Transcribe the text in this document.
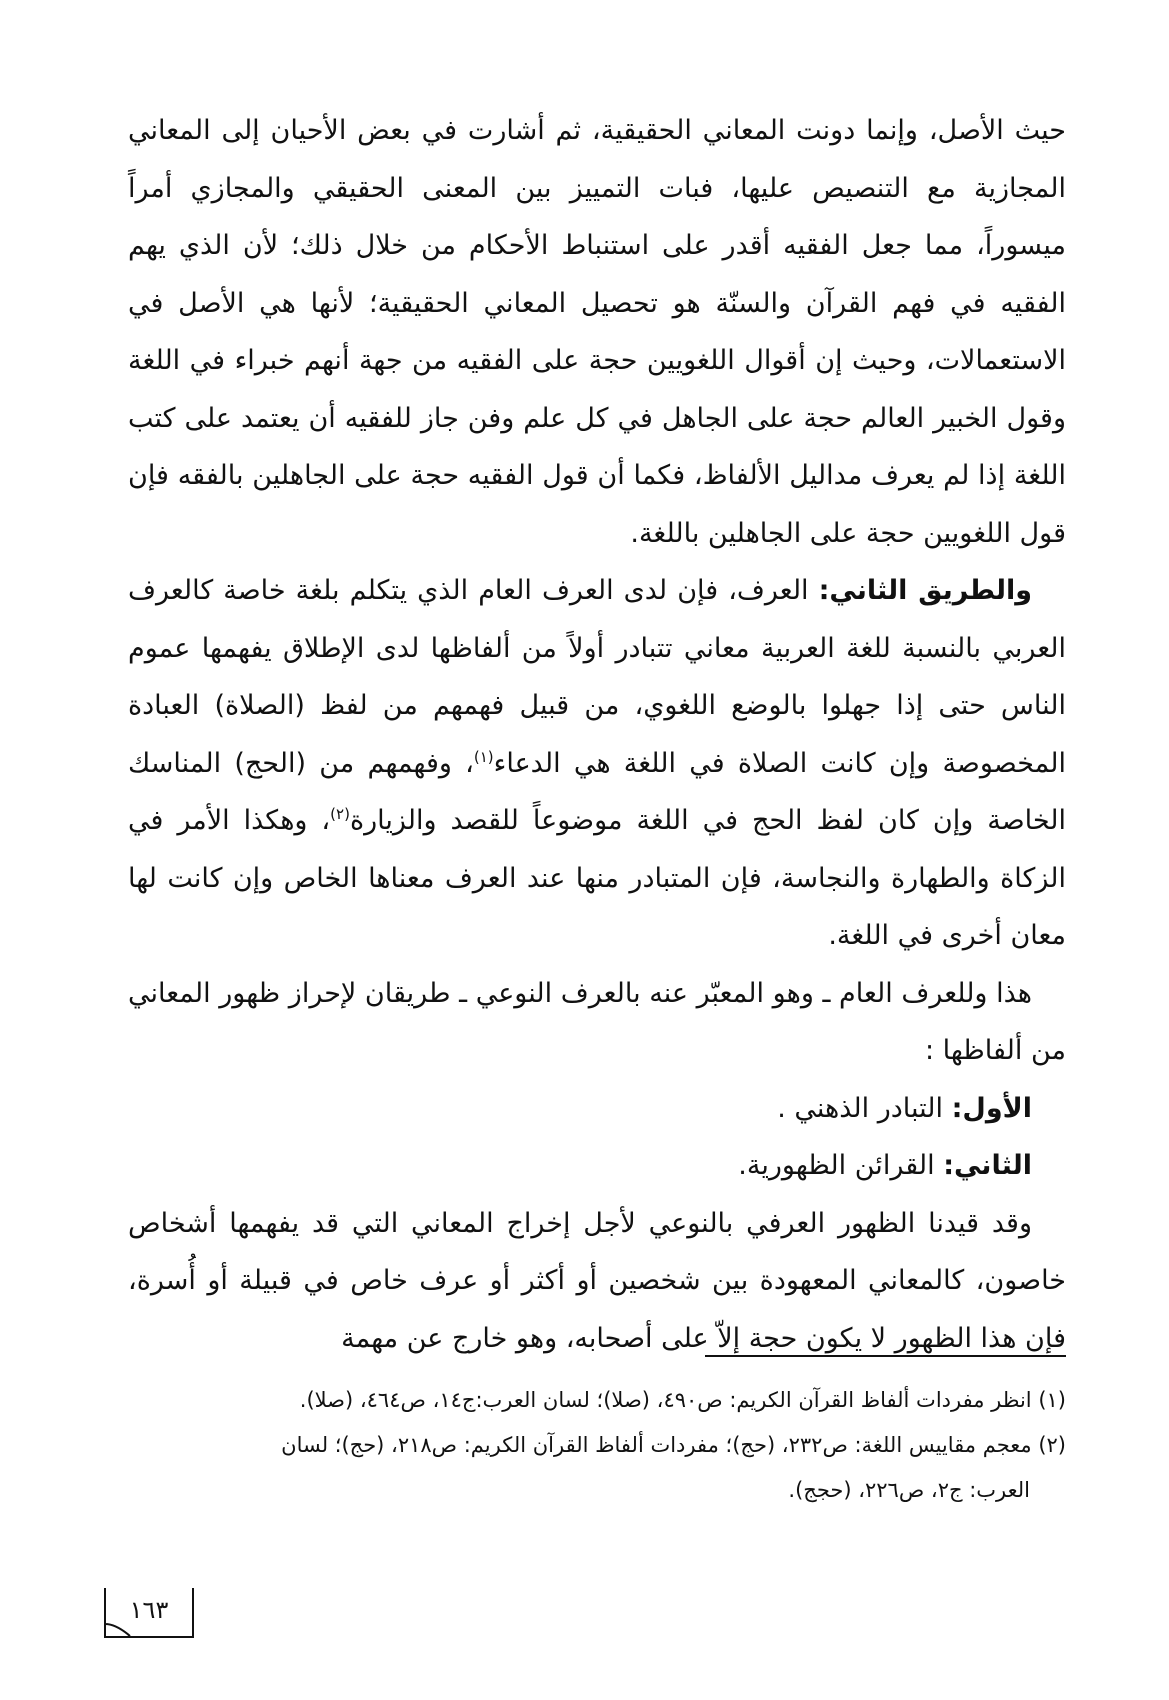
حيث الأصل، وإنما دونت المعاني الحقيقية، ثم أشارت في بعض الأحيان إلى المعاني المجازية مع التنصيص عليها، فبات التمييز بين المعنى الحقيقي والمجازي أمراً ميسوراً، مما جعل الفقيه أقدر على استنباط الأحكام من خلال ذلك؛ لأن الذي يهم الفقيه في فهم القرآن والسنّة هو تحصيل المعاني الحقيقية؛ لأنها هي الأصل في الاستعمالات، وحيث إن أقوال اللغويين حجة على الفقيه من جهة أنهم خبراء في اللغة وقول الخبير العالم حجة على الجاهل في كل علم وفن جاز للفقيه أن يعتمد على كتب اللغة إذا لم يعرف مداليل الألفاظ، فكما أن قول الفقيه حجة على الجاهلين بالفقه فإن قول اللغويين حجة على الجاهلين باللغة.

والطريق الثاني: العرف، فإن لدى العرف العام الذي يتكلم بلغة خاصة كالعرف العربي بالنسبة للغة العربية معاني تتبادر أولاً من ألفاظها لدى الإطلاق يفهمها عموم الناس حتى إذا جهلوا بالوضع اللغوي، من قبيل فهمهم من لفظ (الصلاة) العبادة المخصوصة وإن كانت الصلاة في اللغة هي الدعاء$^{(١)}$، وفهمهم من (الحج) المناسك الخاصة وإن كان لفظ الحج في اللغة موضوعاً للقصد والزيارة$^{(٢)}$، وهكذا الأمر في الزكاة والطهارة والنجاسة، فإن المتبادر منها عند العرف معناها الخاص وإن كانت لها معان أخرى في اللغة.

هذا وللعرف العام ـ وهو المعبّر عنه بالعرف النوعي ـ طريقان لإحراز ظهور المعاني من ألفاظها :

الأول: التبادر الذهني .

الثاني: القرائن الظهورية.

وقد قيدنا الظهور العرفي بالنوعي لأجل إخراج المعاني التي قد يفهمها أشخاص خاصون، كالمعاني المعهودة بين شخصين أو أكثر أو عرف خاص في قبيلة أو أُسرة، فإن هذا الظهور لا يكون حجة إلاّ على أصحابه، وهو خارج عن مهمة

(١) انظر مفردات ألفاظ القرآن الكريم: ص٤٩٠، (صلا)؛ لسان العرب:ج١٤، ص٤٦٤، (صلا).

(٢) معجم مقاييس اللغة: ص٢٣٢، (حج)؛ مفردات ألفاظ القرآن الكريم: ص٢١٨، (حج)؛ لسان

العرب: ج٢، ص٢٢٦، (حجج).

١٦٣
